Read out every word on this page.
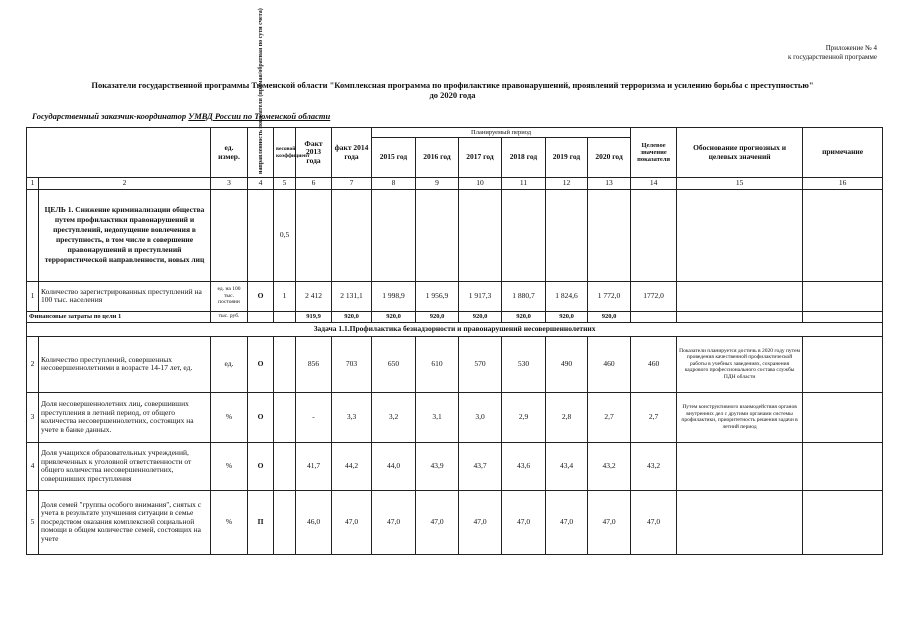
Приложение № 4
к государственной программе
Показатели государственной программы Тюменской области "Комплексная программа по профилактике правонарушений, проявлений терроризма и усилению борьбы с преступностью"
до 2020 года
Государственный заказчик-координатор УМВД России по Тюменской области
		ед. измер.	направленность показателя (прямая/обратная по сути счета)	весовой коэффициент	Факт 2013 года	факт 2014 года	Планируемый период						Целевое значение показателя	Обоснование прогнозных и целевых значений	примечание
							2015 год	2016 год	2017 год	2018 год	2019 год	2020 год			
1	2	3	4	5	6	7	8	9	10	11	12	13	14	15	16
	ЦЕЛЬ 1. Снижение криминализации общества путем профилактики правонарушений и преступлений, недопущение вовлечения в преступность, в том числе в совершение правонарушений и преступлений террористической направленности, новых лиц			0,5											
1	Количество зарегистрированных преступлений на 100 тыс. населения	ед. на 100 тыс. постоянн	О	1	2 412	2 131,1	1 998,9	1 956,9	1 917,3	1 880,7	1 824,6	1 772,0	1772,0		
Финансовые затраты по цели 1		тыс. руб.			919,9	920,0	920,0	920,0	920,0	920,0	920,0	920,0			
Задача 1.1.Профилактика безнадзорности и правонарушений несовершеннолетних															
2	Количество преступлений, совершенных несовершеннолетними в возрасте 14-17 лет, ед.	ед.	О		856	703	650	610	570	530	490	460	460	Показатели планируется достичь в 2020 году путем проведения качественной профилактической работы в учебных заведениях, сохранения кадрового профессионального состава службы ПДН области	
3	Доля несовершеннолетних лиц, совершивших преступления в летний период, от общего количества несовершеннолетних, состоящих на учете в банке данных.	%	О		-	3,3	3,2	3,1	3,0	2,9	2,8	2,7	2,7	Путем конструктивного взаимодействия органов внутренних дел с другими органами системы профилактики, приоритетность решения задачи в летний период	
4	Доля учащихся образовательных учреждений, привлеченных к уголовной ответственности от общего количества несовершеннолетних, совершивших преступления	%	О		41,7	44,2	44,0	43,9	43,7	43,6	43,4	43,2	43,2		
5	Доля семей "группы особого внимания", снятых с учета в результате улучшения ситуации в семье посредством оказания комплексной социальной помощи в общем количестве семей, состоящих на учете	%	П		46,0	47,0	47,0	47,0	47,0	47,0	47,0	47,0	47,0		
